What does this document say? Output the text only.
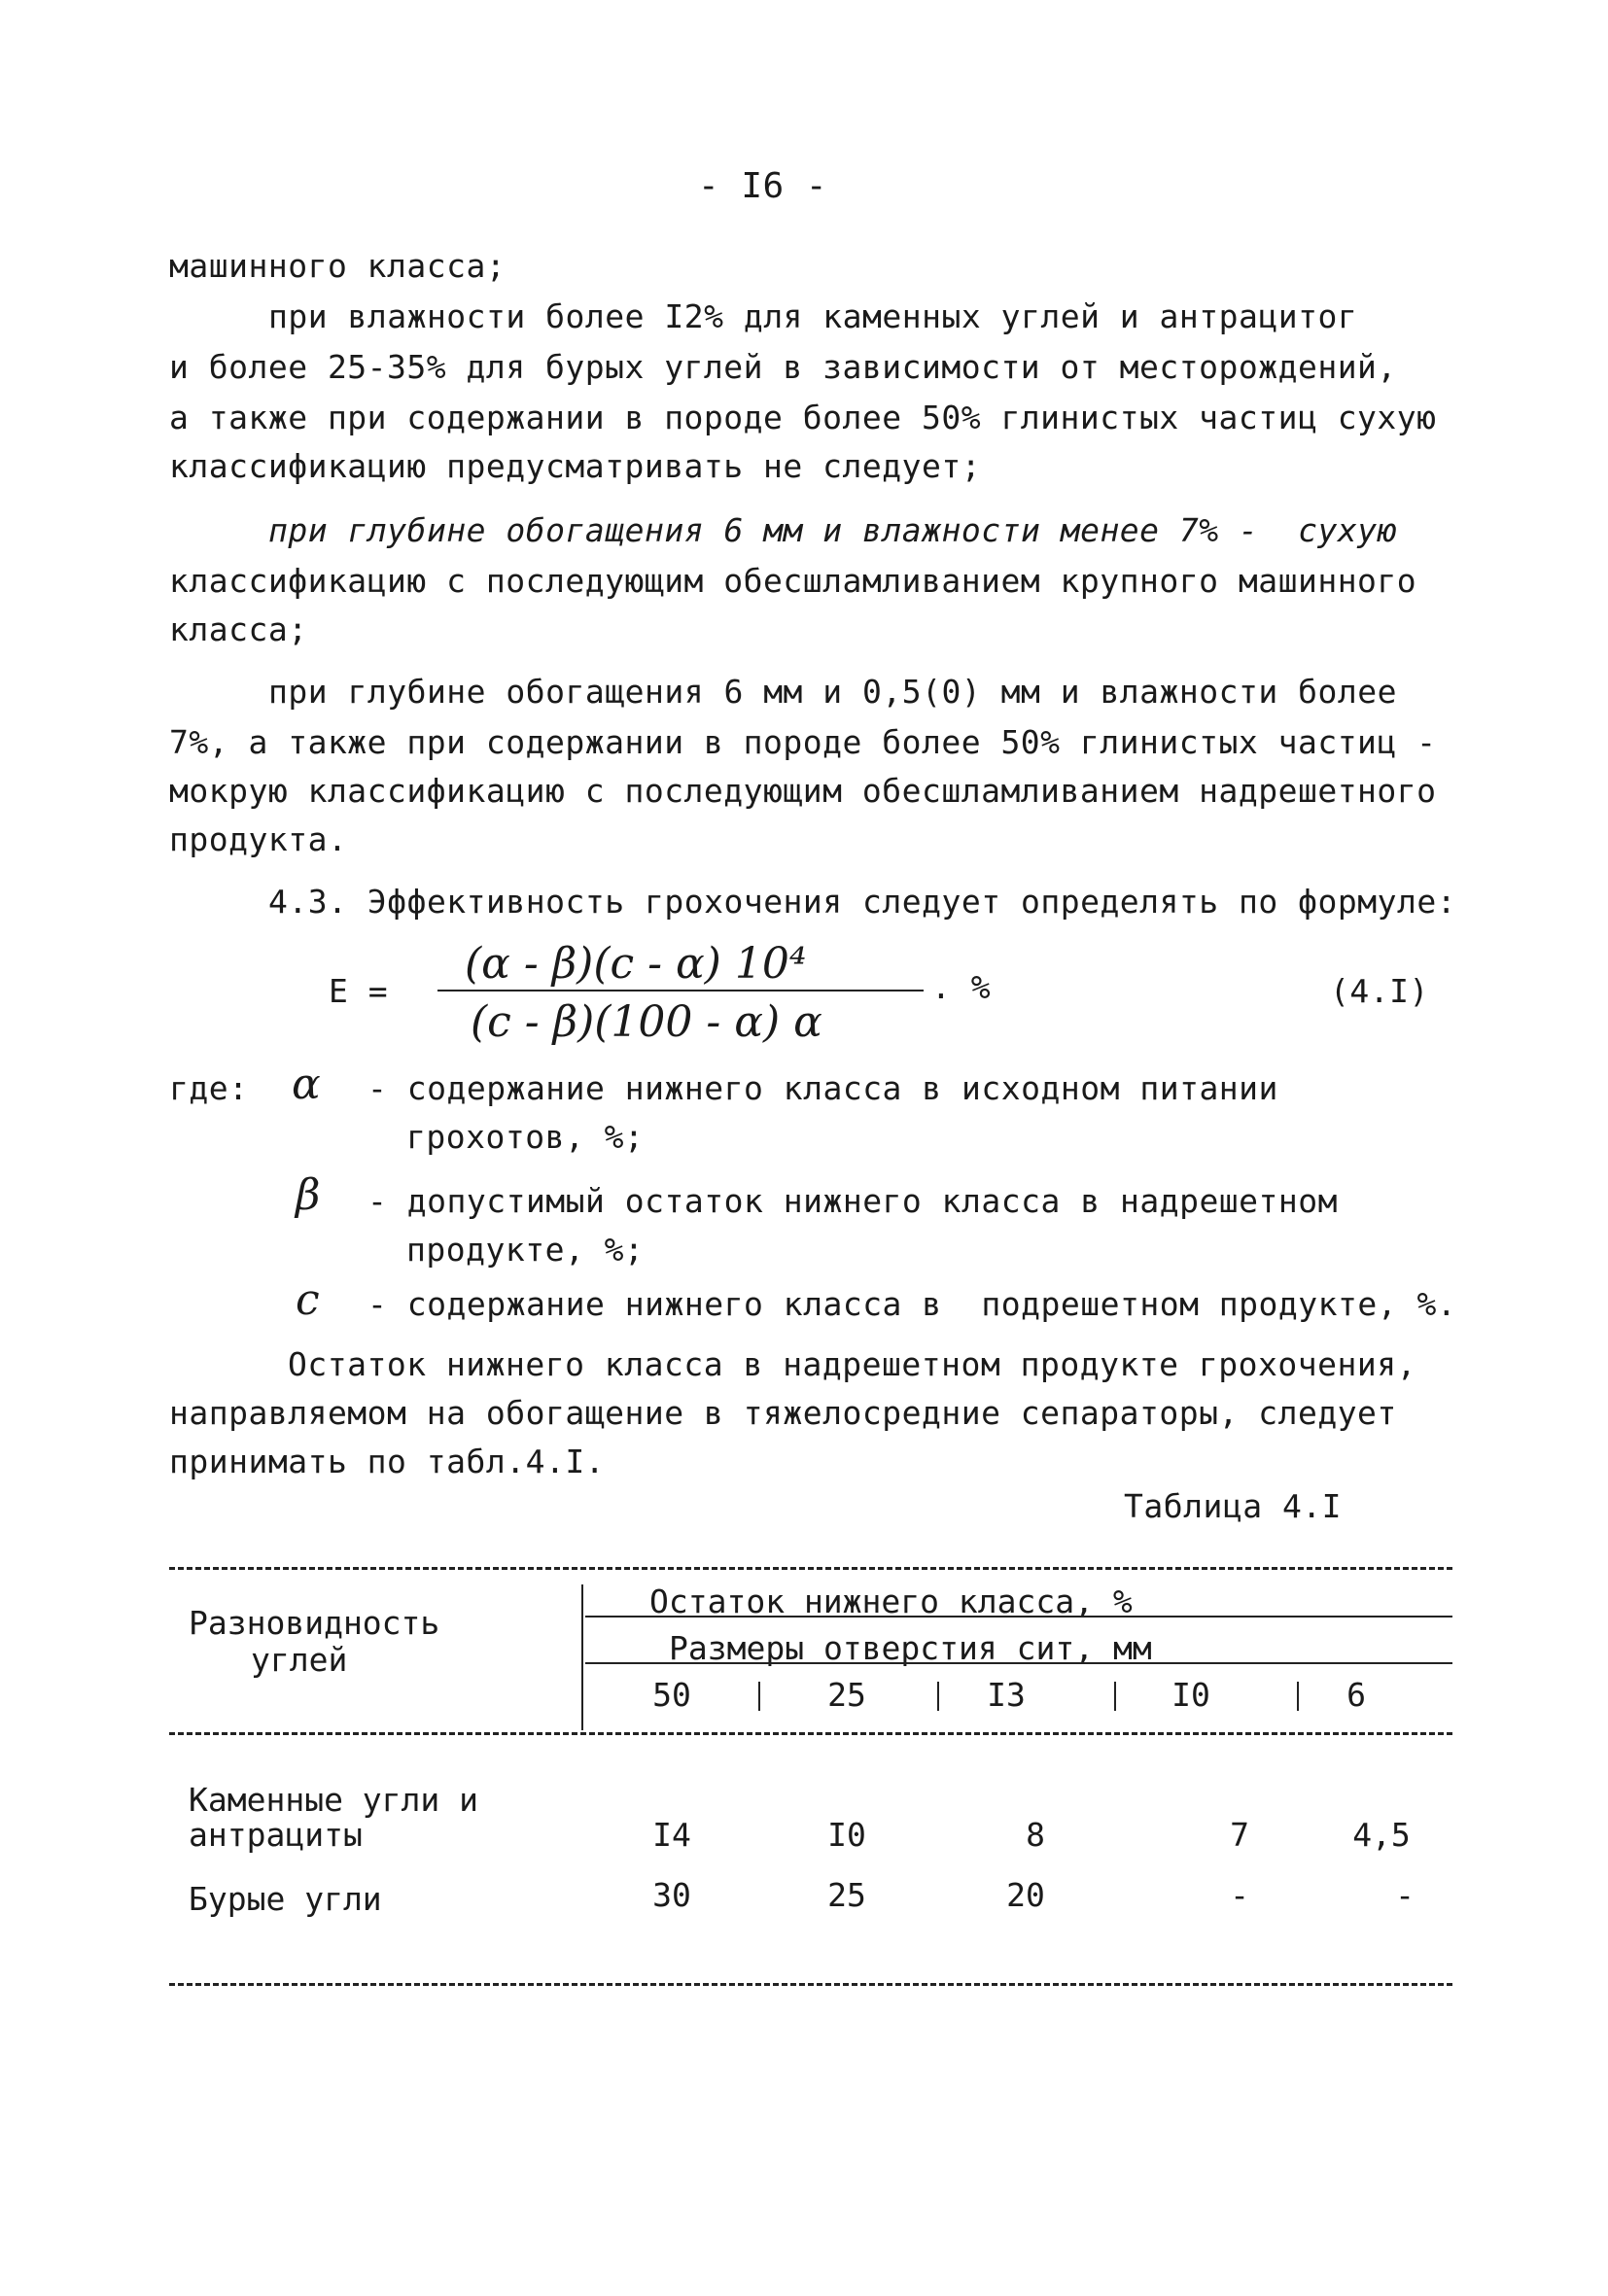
- I6 -
машинного класса;
при влажности более I2% для каменных углей и антрацитог
и более 25-35% для бурых углей в зависимости от месторождений,
а также при содержании в породе более 50% глинистых частиц сухую
классификацию предусматривать не следует;
при глубине обогащения 6 мм и влажности менее 7% -  сухую
классификацию с последующим обесшламливанием крупного машинного
класса;
при глубине обогащения 6 мм и 0,5(0) мм и влажности более
7%, а также при содержании в породе более 50% глинистых частиц -
мокрую классификацию с последующим обесшламливанием надрешетного
продукта.
4.3. Эффективность грохочения следует определять по формуле:
E =
(α - β)(c - α) 10⁴
(c - β)(100 - α) α
. %	(4.I)
где: α - содержание нижнего класса в исходном питании
грохотов, %;
β - допустимый остаток нижнего класса в надрешетном
продукте, %;
c - содержание нижнего класса в  подрешетном продукте, %.
Остаток нижнего класса в надрешетном продукте грохочения,
направляемом на обогащение в тяжелосредние сепараторы, следует
принимать по табл.4.I.
Таблица 4.I
Разновидность
углей
Остаток нижнего класса, %
Размеры отверстия сит, мм
50	25	I3	I0	6
Каменные угли и
антрациты	I4	I0	8	7	4,5
Бурые угли	30	25	20	-	-
